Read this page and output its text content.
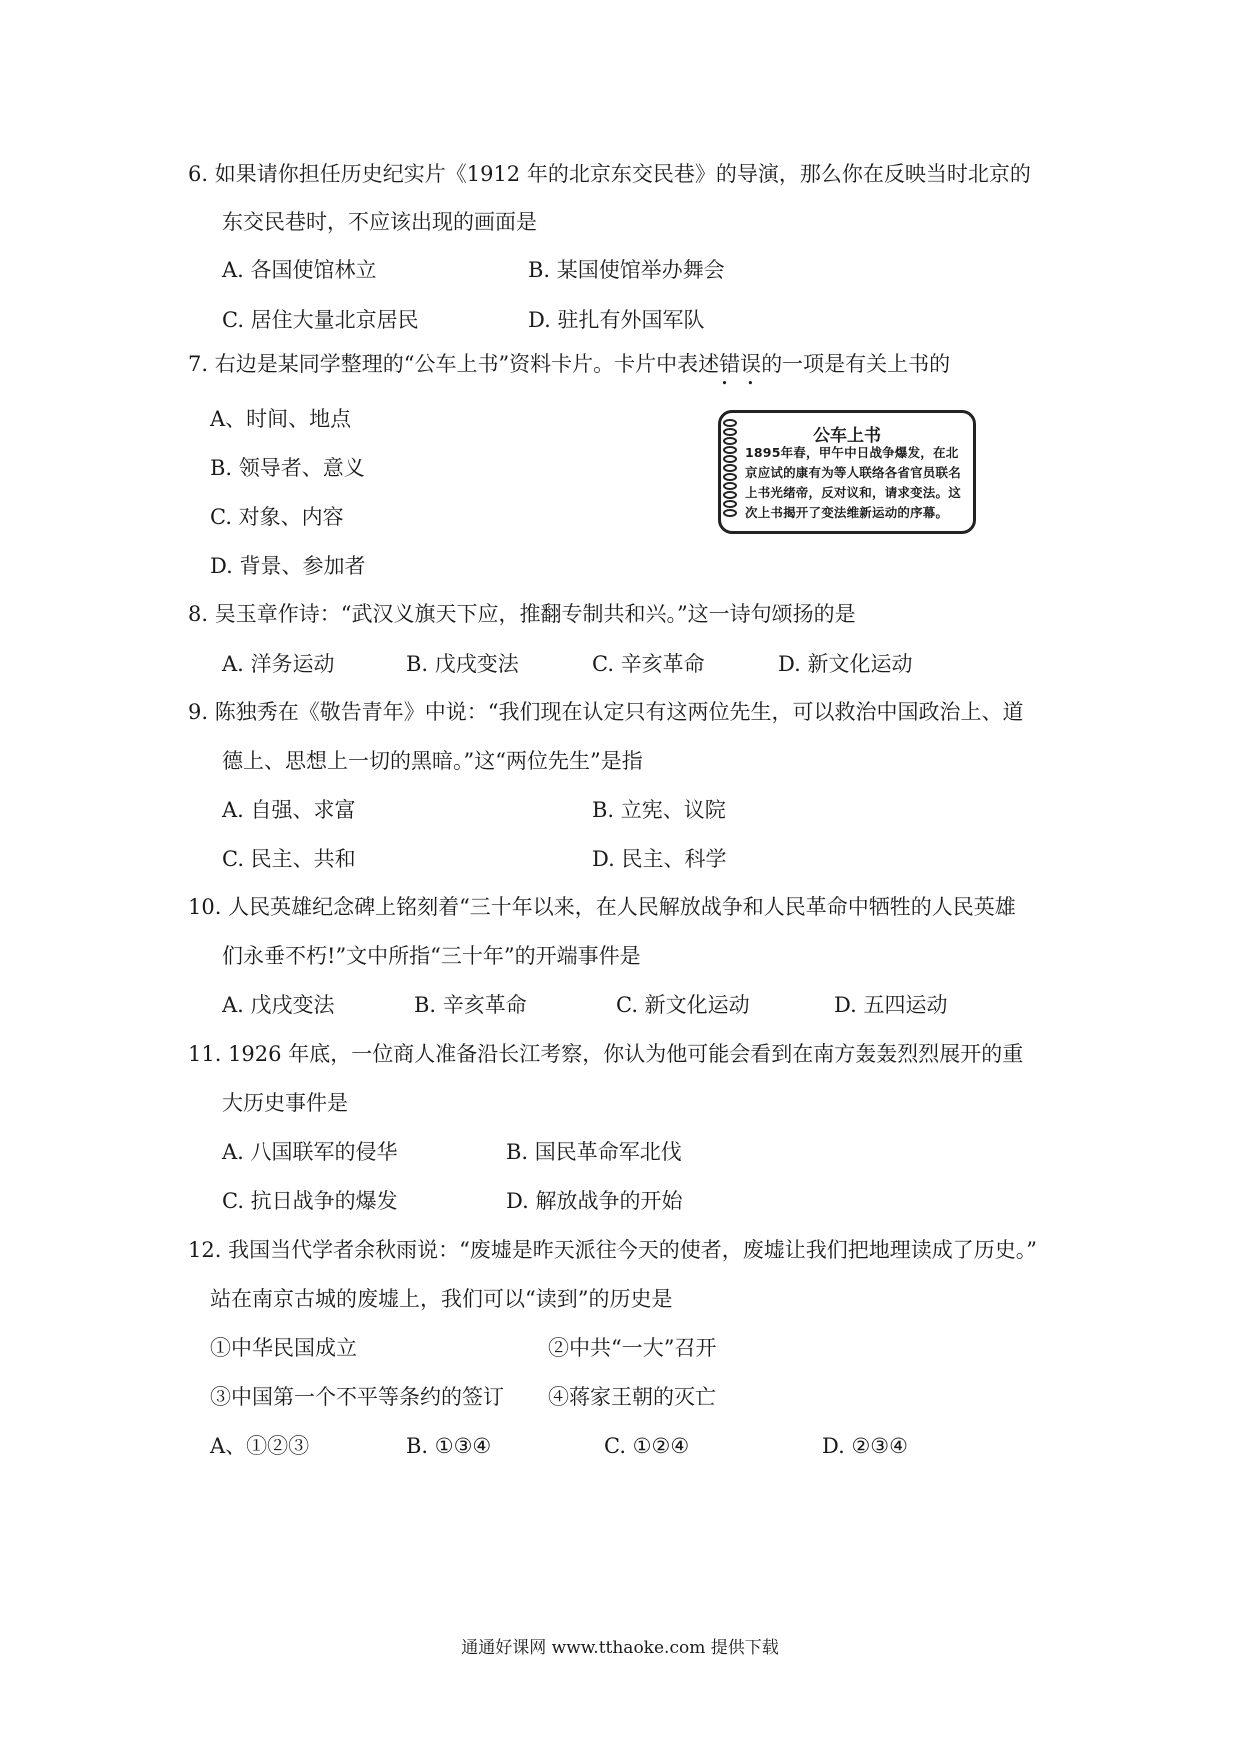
6. 如果请你担任历史纪实片《1912 年的北京东交民巷》的导演，那么你在反映当时北京的
东交民巷时，不应该出现的画面是
A. 各国使馆林立	B. 某国使馆举办舞会
C. 居住大量北京居民	D. 驻扎有外国军队
7. 右边是某同学整理的“公车上书”资料卡片。卡片中表述错误 • •的一项是有关上书的
A、时间、地点
B. 领导者、意义
C. 对象、内容
D. 背景、参加者
公车上书
1895年春，甲午中日战争爆发，在北京应试的康有为等人联络各省官员联名上书光绪帝，反对议和，请求变法。这次上书揭开了变法维新运动的序幕。
8. 吴玉章作诗：“武汉义旗天下应，推翻专制共和兴。”这一诗句颂扬的是
A. 洋务运动	B. 戊戌变法	C. 辛亥革命	D. 新文化运动
9. 陈独秀在《敬告青年》中说：“我们现在认定只有这两位先生，可以救治中国政治上、道
德上、思想上一切的黑暗。”这“两位先生”是指
A. 自强、求富	B. 立宪、议院
C. 民主、共和	D. 民主、科学
10. 人民英雄纪念碑上铭刻着“三十年以来，在人民解放战争和人民革命中牺牲的人民英雄
们永垂不朽!”文中所指“三十年”的开端事件是
A. 戊戌变法	B. 辛亥革命	C. 新文化运动	D. 五四运动
11. 1926 年底，一位商人准备沿长江考察，你认为他可能会看到在南方轰轰烈烈展开的重
大历史事件是
A. 八国联军的侵华	B. 国民革命军北伐
C. 抗日战争的爆发	D. 解放战争的开始
12. 我国当代学者余秋雨说：“废墟是昨天派往今天的使者，废墟让我们把地理读成了历史。”
站在南京古城的废墟上，我们可以“读到”的历史是
①中华民国成立	②中共“一大”召开
③中国第一个不平等条约的签订 ④蒋家王朝的灭亡
A、①②③	B. ①③④	C. ①②④	D. ②③④
通通好课网 www.tthaoke.com 提供下载
